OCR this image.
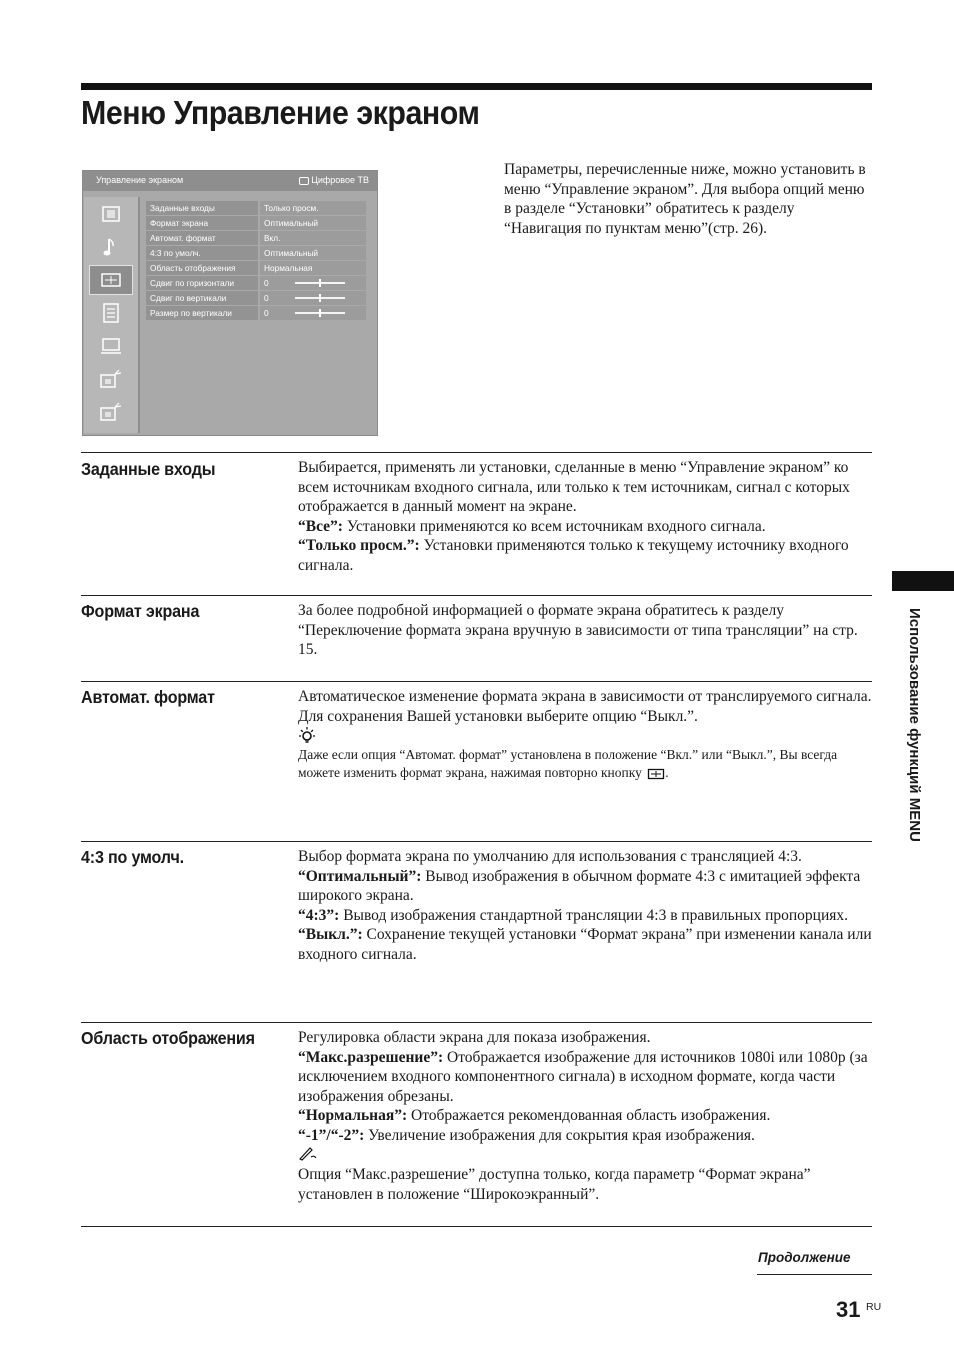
Меню Управление экраном
Управление экраном	Цифровое ТВ
Заданные входы	Только просм.
Формат экрана	Оптимальный
Автомат. формат	Вкл.
4:3 по умолч.	Оптимальный
Область отображения	Нормальная
Сдвиг по горизонтали	0
Сдвиг по вертикали	0
Размер по вертикали	0

Параметры, перечисленные ниже, можно установить в меню “Управление экраном”. Для выбора опций меню в разделе “Установки” обратитесь к разделу “Навигация по пунктам меню”(стр. 26).

Заданные входы	Выбирается, применять ли установки, сделанные в меню “Управление экраном” ко всем источникам входного сигнала, или только к тем источникам, сигнал с которых отображается в данный момент на экране.

“Все”: Установки применяются ко всем источникам входного сигнала.

“Только просм.”: Установки применяются только к текущему источнику входного сигнала.

Формат экрана	За более подробной информацией о формате экрана обратитесь к разделу “Переключение формата экрана вручную в зависимости от типа трансляции” на стр. 15.

Автомат. формат	Автоматическое изменение формата экрана в зависимости от транслируемого сигнала. Для сохранения Вашей установки выберите опцию “Выкл.”.

Даже если опция “Автомат. формат” установлена в положение “Вкл.” или “Выкл.”, Вы всегда можете изменить формат экрана, нажимая повторно кнопку .

4:3 по умолч.	Выбор формата экрана по умолчанию для использования с трансляцией 4:3.

“Оптимальный”: Вывод изображения в обычном формате 4:3 с имитацией эффекта широкого экрана.

“4:3”: Вывод изображения стандартной трансляции 4:3 в правильных пропорциях.

“Выкл.”: Сохранение текущей установки “Формат экрана” при изменении канала или входного сигнала.

Область отображения	Регулировка области экрана для показа изображения.

“Макс.разрешение”: Отображается изображение для источников 1080i или 1080p (за исключением входного компонентного сигнала) в исходном формате, когда части изображения обрезаны.

“Нормальная”: Отображается рекомендованная область изображения.

“-1”/“-2”: Увеличение изображения для сокрытия края изображения.

Опция “Макс.разрешение” доступна только, когда параметр “Формат экрана” установлен в положение “Широкоэкранный”.

Использование функций MENU
Продолжение
31 RU
